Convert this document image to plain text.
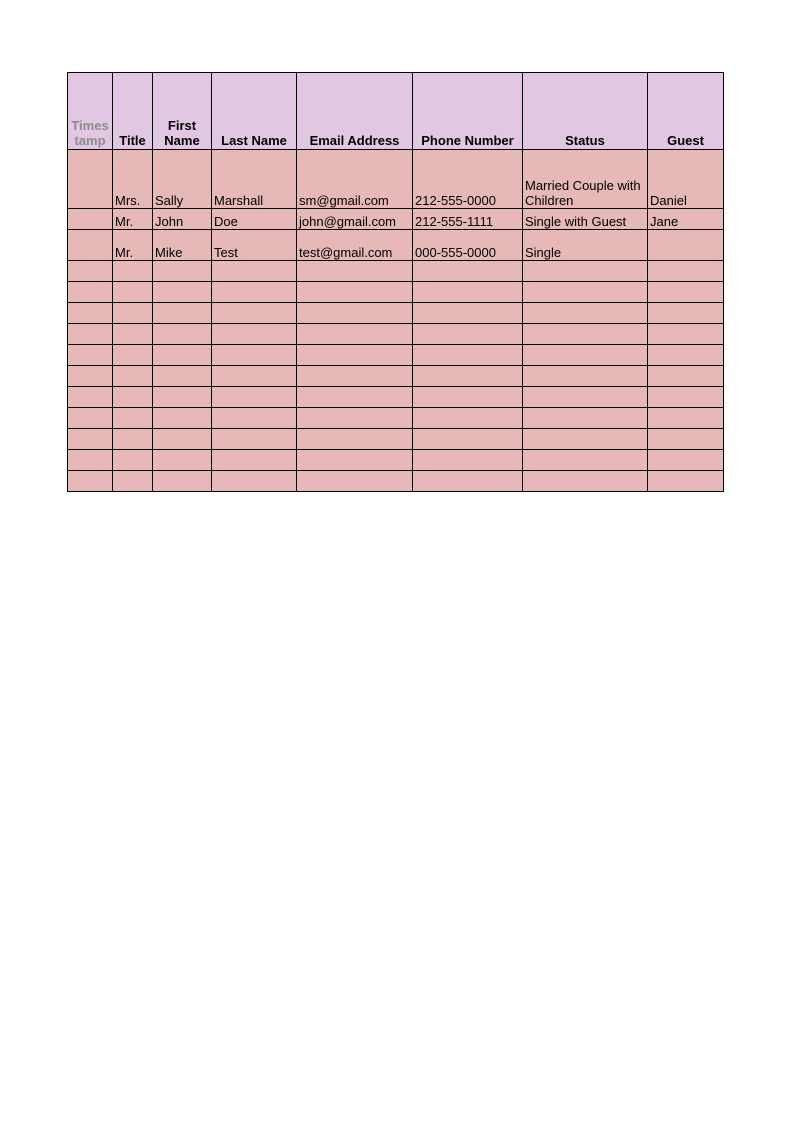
Times tamp	Title	First Name	Last Name	Email Address	Phone Number	Status	Guest
	Mrs.	Sally	Marshall	sm@gmail.com	212-555-0000	Married Couple with Children	Daniel
	Mr.	John	Doe	john@gmail.com	212-555-1111	Single with Guest	Jane
	Mr.	Mike	Test	test@gmail.com	000-555-0000	Single	
